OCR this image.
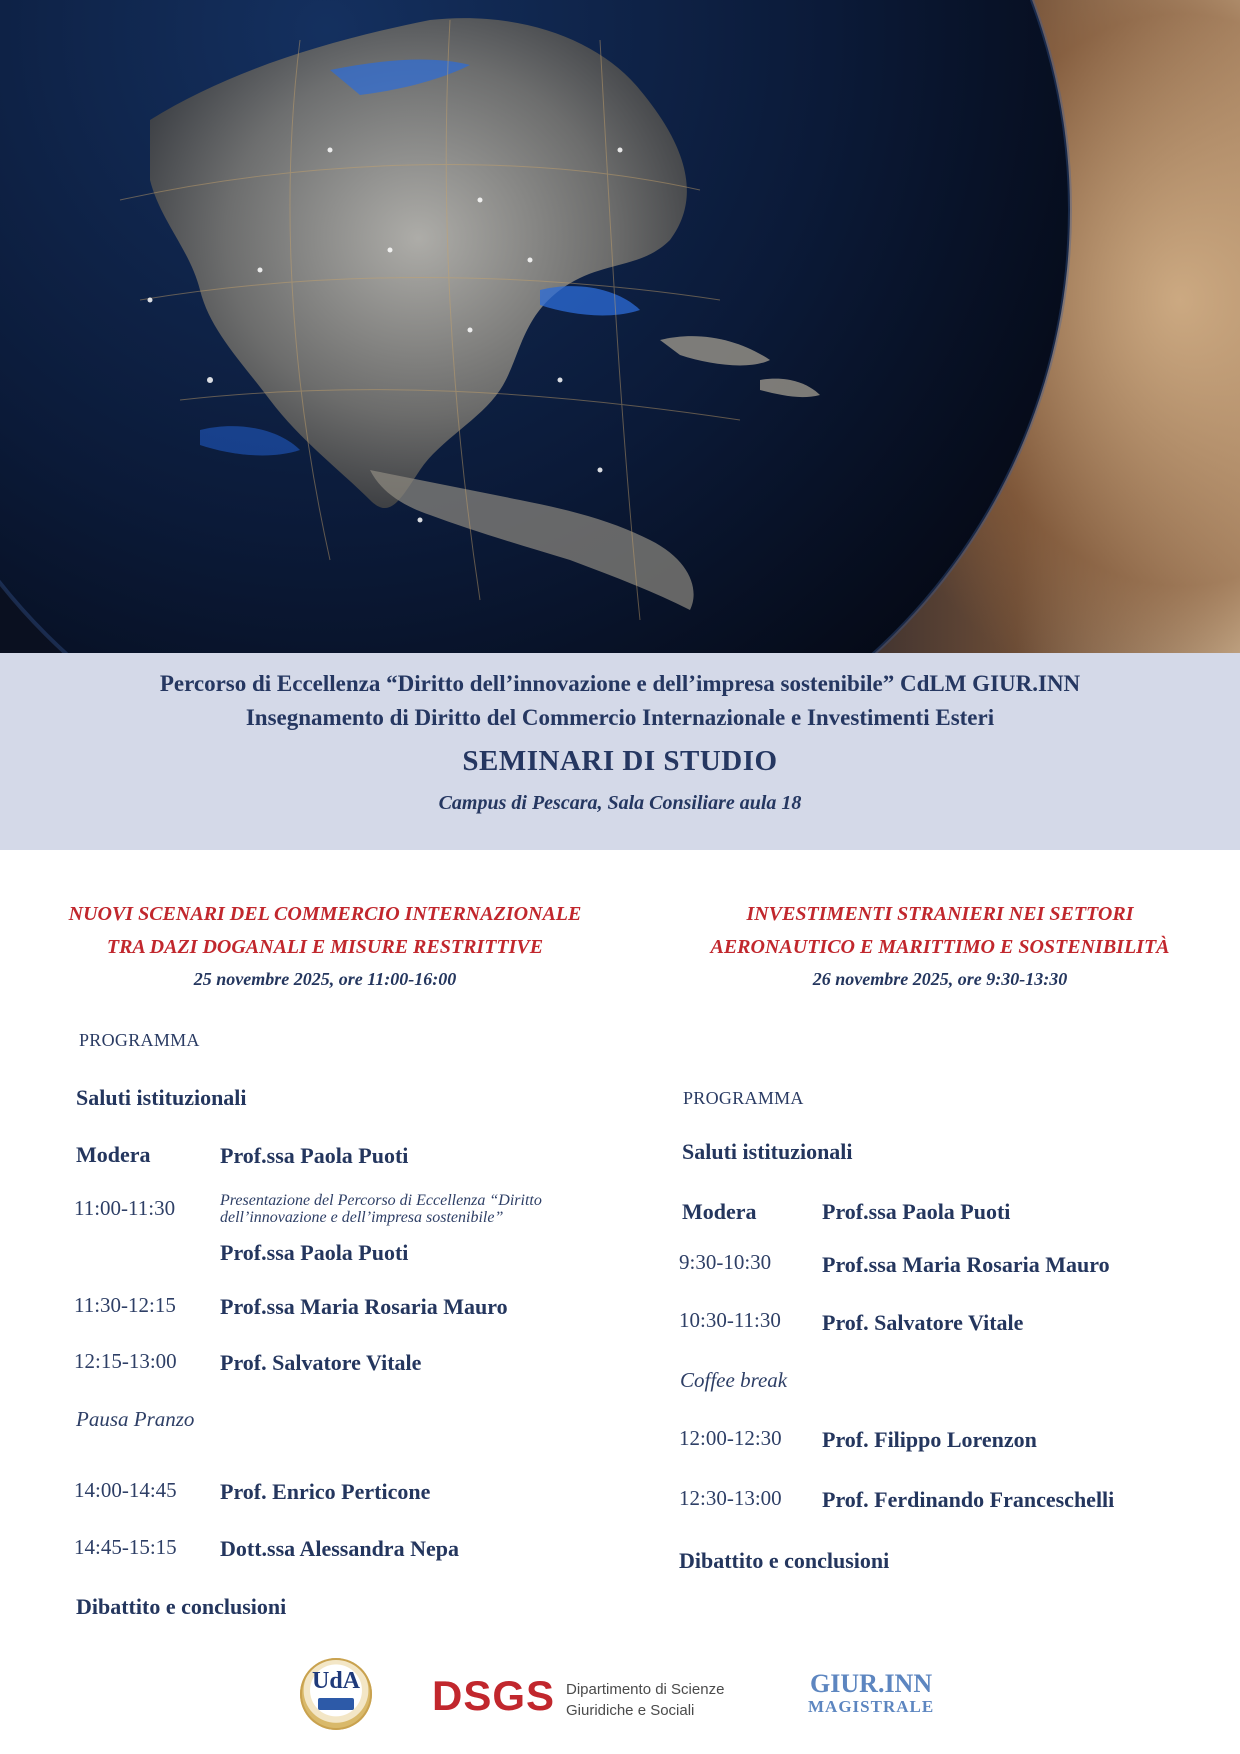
Percorso di Eccellenza “Diritto dell’innovazione e dell’impresa sostenibile” CdLM GIUR.INN
Insegnamento di Diritto del Commercio Internazionale e Investimenti Esteri
SEMINARI DI STUDIO
Campus di Pescara, Sala Consiliare aula 18
NUOVI SCENARI DEL COMMERCIO INTERNAZIONALE
TRA DAZI DOGANALI E MISURE RESTRITTIVE
25 novembre 2025, ore 11:00-16:00
INVESTIMENTI STRANIERI NEI SETTORI
AERONAUTICO E MARITTIMO E SOSTENIBILITÀ
26 novembre 2025, ore 9:30-13:30
PROGRAMMA
Saluti istituzionali
Modera	Prof.ssa Paola Puoti
11:00-11:30	Presentazione del Percorso di Eccellenza “Diritto dell’innovazione e dell’impresa sostenibile”
Prof.ssa Paola Puoti
11:30-12:15 Prof.ssa Maria Rosaria Mauro
12:15-13:00 Prof. Salvatore Vitale
Pausa Pranzo
14:00-14:45 Prof. Enrico Perticone
14:45-15:15 Dott.ssa Alessandra Nepa
Dibattito e conclusioni
PROGRAMMA
Saluti istituzionali
Modera	Prof.ssa Paola Puoti
9:30-10:30 Prof.ssa Maria Rosaria Mauro
10:30-11:30 Prof. Salvatore Vitale
Coffee break
12:00-12:30 Prof. Filippo Lorenzon
12:30-13:00 Prof. Ferdinando Franceschelli
Dibattito e conclusioni
UdA DSGS Dipartimento di Scienze
Giuridiche e Sociali
GIUR.INN
MAGISTRALE
